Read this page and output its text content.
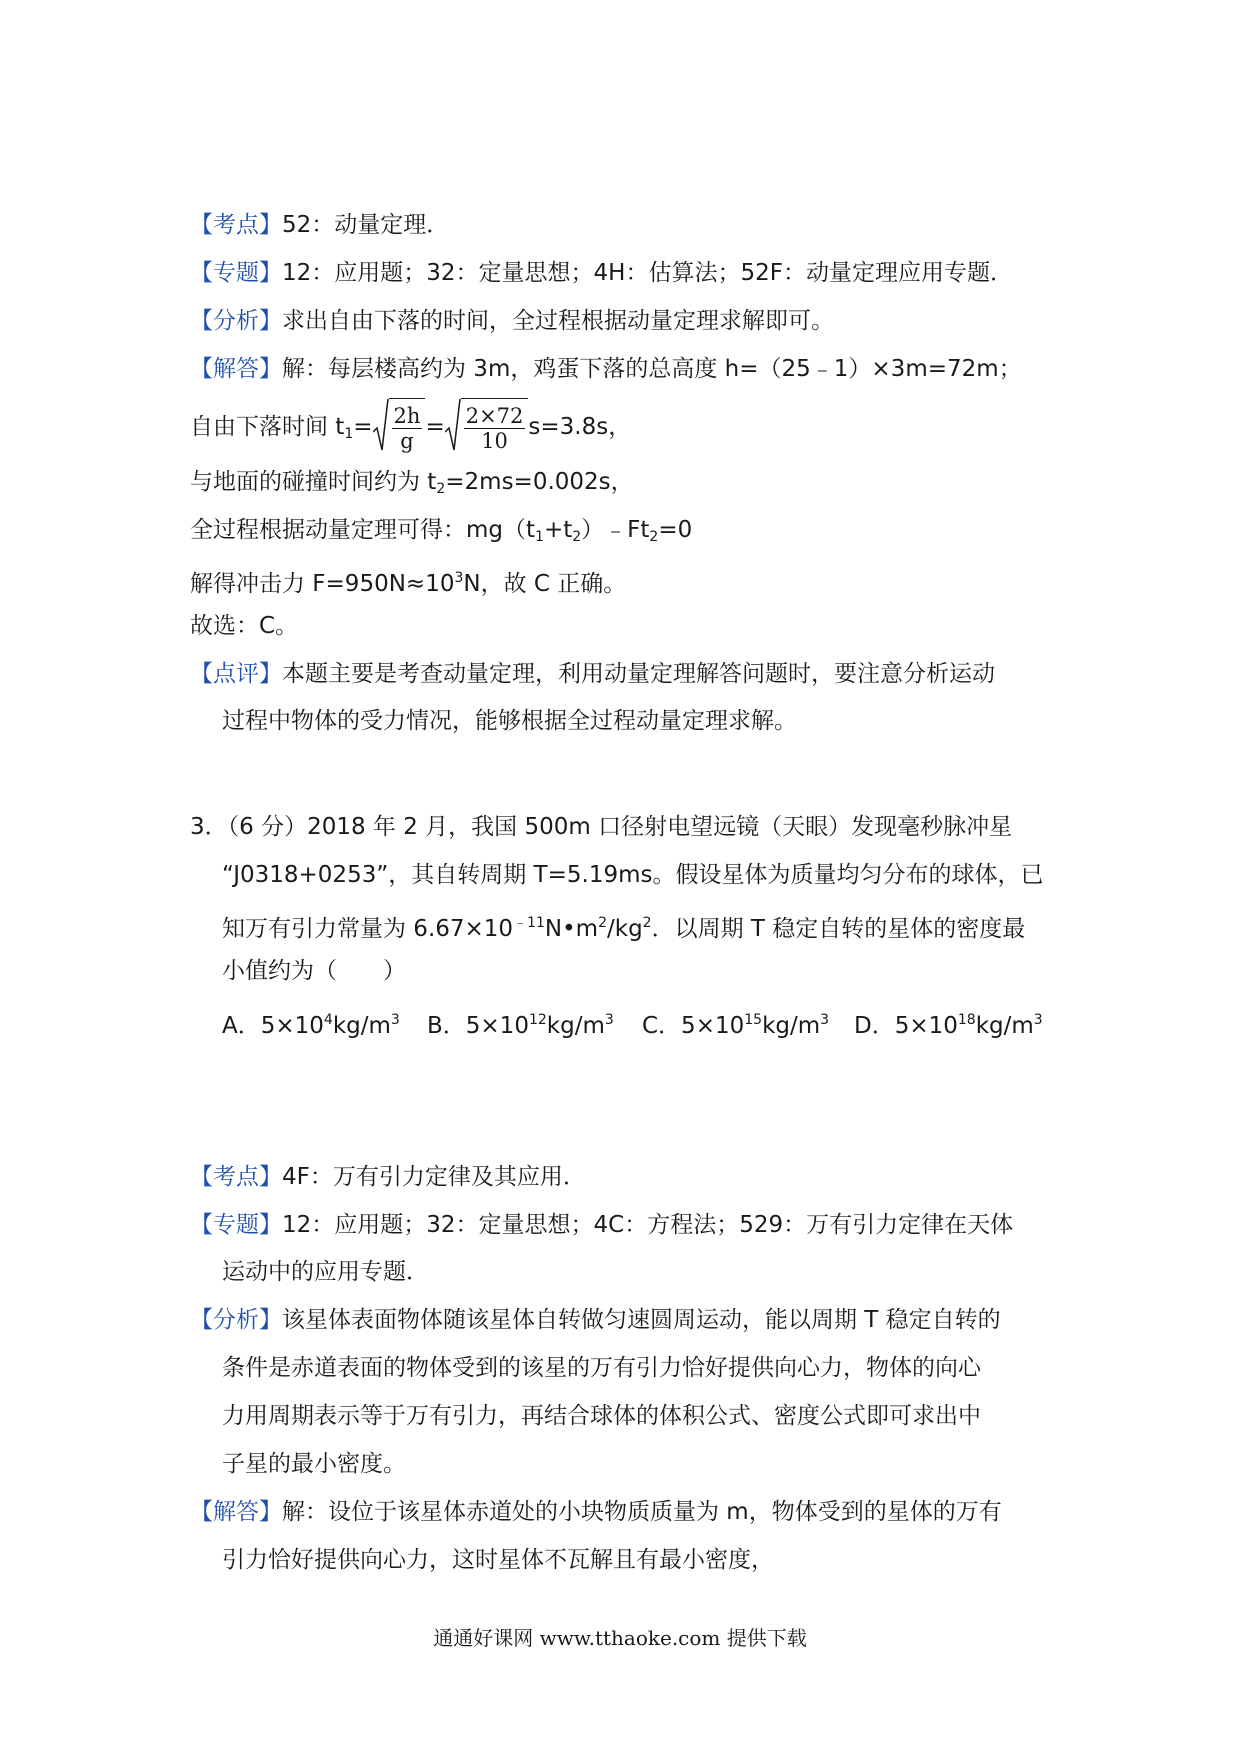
【考点】52：动量定理．
【专题】12：应用题；32：定量思想；4H：估算法；52F：动量定理应用专题．
【分析】求出自由下落的时间，全过程根据动量定理求解即可。
【解答】解：每层楼高约为 3m，鸡蛋下落的总高度 h=（25﹣1）×3m=72m；
自由下落时间 $t_1= \frac{2h}{g} = \frac{2\times 72}{10} s=3.8s$，
与地面的碰撞时间约为 $t_2=2ms=0.002s$，
全过程根据动量定理可得：$mg(t_1+t_2)﹣Ft_2=0$
解得冲击力 $F=950N\approx 10^3N$，故 C 正确。
故选：C。
【点评】本题主要是考查动量定理，利用动量定理解答问题时，要注意分析运动
过程中物体的受力情况，能够根据全过程动量定理求解。
3．（6 分）2018 年 2 月，我国 500m 口径射电望远镜（天眼）发现毫秒脉冲星
“J0318+0253”，其自转周期 T=5.19ms。假设星体为质量均匀分布的球体，已
知万有引力常量为 $6.67\times 10^{﹣11}N•m^2/kg^2$．以周期 T 稳定自转的星体的密度最
小值约为（　　）
A．$5\times 10^4kg/m^3$ B．$5\times 10^{12}kg/m^3$ C．$5\times 10^{15}kg/m^3$ D．$5\times 10^{18}kg/m^3$
【考点】4F：万有引力定律及其应用．
【专题】12：应用题；32：定量思想；4C：方程法；529：万有引力定律在天体
运动中的应用专题．
【分析】该星体表面物体随该星体自转做匀速圆周运动，能以周期 T 稳定自转的
条件是赤道表面的物体受到的该星的万有引力恰好提供向心力，物体的向心
力用周期表示等于万有引力，再结合球体的体积公式、密度公式即可求出中
子星的最小密度。
【解答】解：设位于该星体赤道处的小块物质质量为 m，物体受到的星体的万有
引力恰好提供向心力，这时星体不瓦解且有最小密度，
通通好课网 www.tthaoke.com 提供下载
